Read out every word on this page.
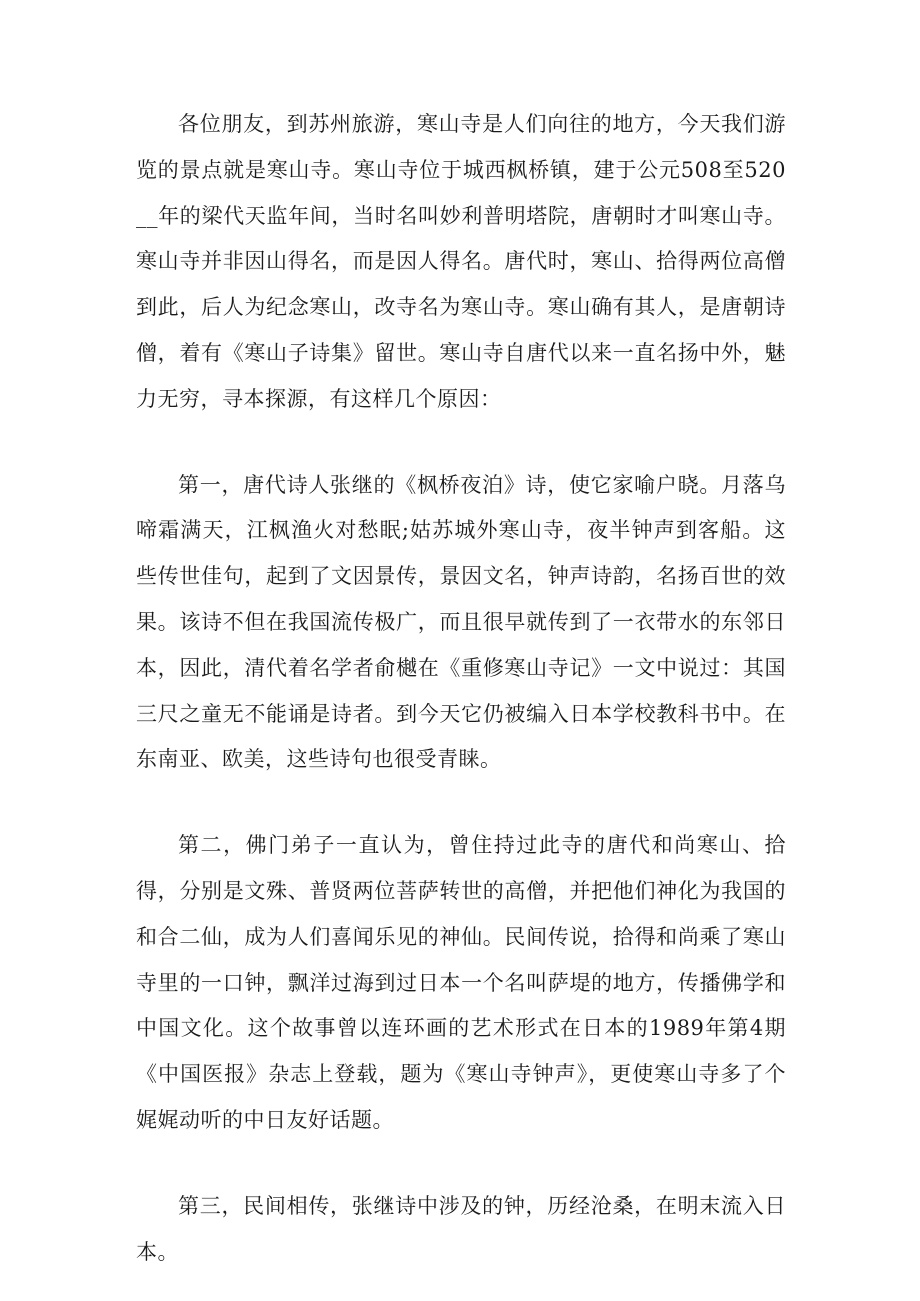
各位朋友，到苏州旅游，寒山寺是人们向往的地方，今天我们游览的景点就是寒山寺。寒山寺位于城西枫桥镇，建于公元508至520__年的梁代天监年间，当时名叫妙利普明塔院，唐朝时才叫寒山寺。寒山寺并非因山得名，而是因人得名。唐代时，寒山、拾得两位高僧到此，后人为纪念寒山，改寺名为寒山寺。寒山确有其人，是唐朝诗僧，着有《寒山子诗集》留世。寒山寺自唐代以来一直名扬中外，魅力无穷，寻本探源，有这样几个原因：

第一，唐代诗人张继的《枫桥夜泊》诗，使它家喻户晓。月落乌啼霜满天，江枫渔火对愁眠;姑苏城外寒山寺，夜半钟声到客船。这些传世佳句，起到了文因景传，景因文名，钟声诗韵，名扬百世的效果。该诗不但在我国流传极广，而且很早就传到了一衣带水的东邻日本，因此，清代着名学者俞樾在《重修寒山寺记》一文中说过：其国三尺之童无不能诵是诗者。到今天它仍被编入日本学校教科书中。在东南亚、欧美，这些诗句也很受青睐。

第二，佛门弟子一直认为，曾住持过此寺的唐代和尚寒山、拾得，分别是文殊、普贤两位菩萨转世的高僧，并把他们神化为我国的和合二仙，成为人们喜闻乐见的神仙。民间传说，拾得和尚乘了寒山寺里的一口钟，飘洋过海到过日本一个名叫萨堤的地方，传播佛学和中国文化。这个故事曾以连环画的艺术形式在日本的1989年第4期《中国医报》杂志上登载，题为《寒山寺钟声》，更使寒山寺多了个娓娓动听的中日友好话题。

第三，民间相传，张继诗中涉及的钟，历经沧桑，在明末流入日本。
